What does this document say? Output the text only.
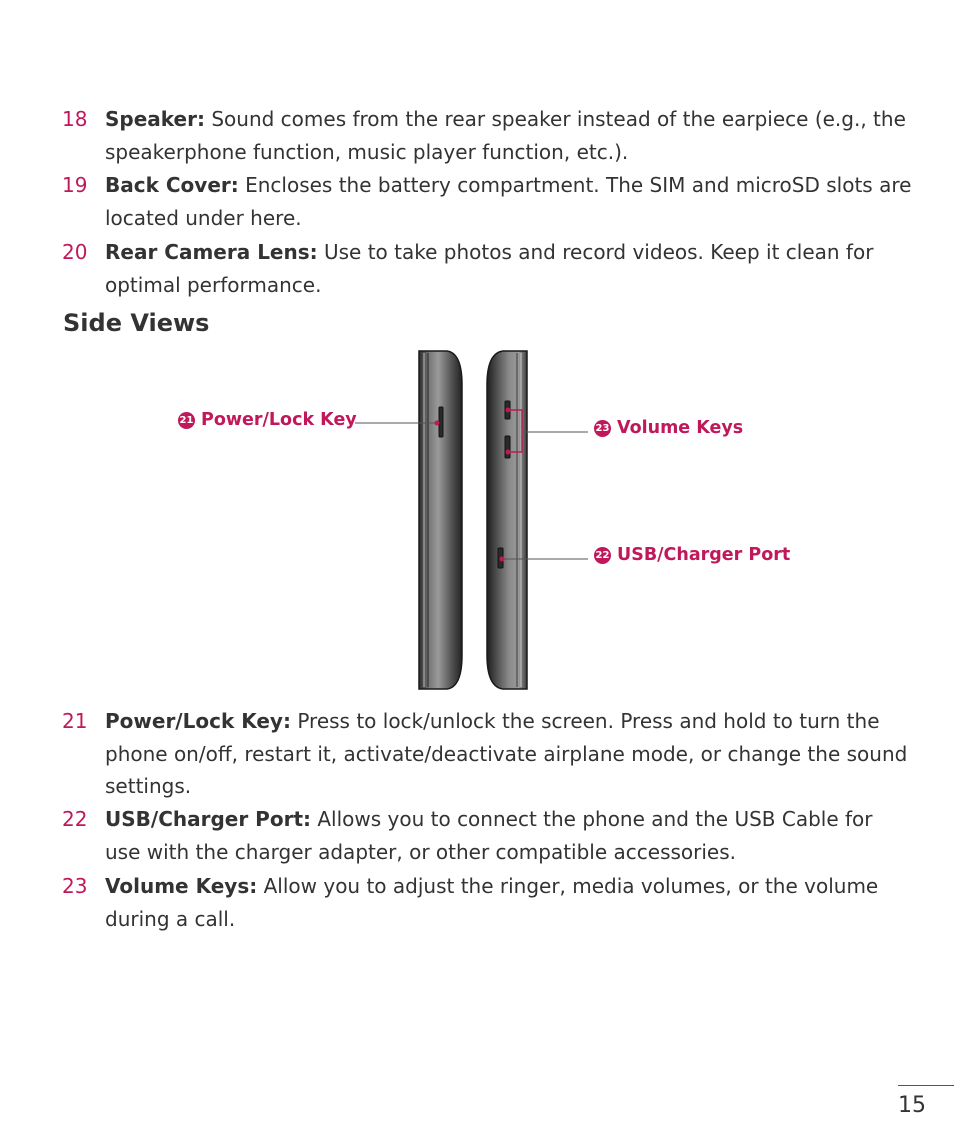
18 Speaker: Sound comes from the rear speaker instead of the earpiece (e.g., the speakerphone function, music player function, etc.).
19 Back Cover: Encloses the battery compartment. The SIM and microSD slots are located under here.
20 Rear Camera Lens: Use to take photos and record videos. Keep it clean for optimal performance.
Side Views
21 Power/Lock Key	23 Volume Keys
22 USB/Charger Port
21 Power/Lock Key: Press to lock/unlock the screen. Press and hold to turn the phone on/off, restart it, activate/deactivate airplane mode, or change the sound settings.
22 USB/Charger Port: Allows you to connect the phone and the USB Cable for use with the charger adapter, or other compatible accessories.
23 Volume Keys: Allow you to adjust the ringer, media volumes, or the volume during a call.
15
